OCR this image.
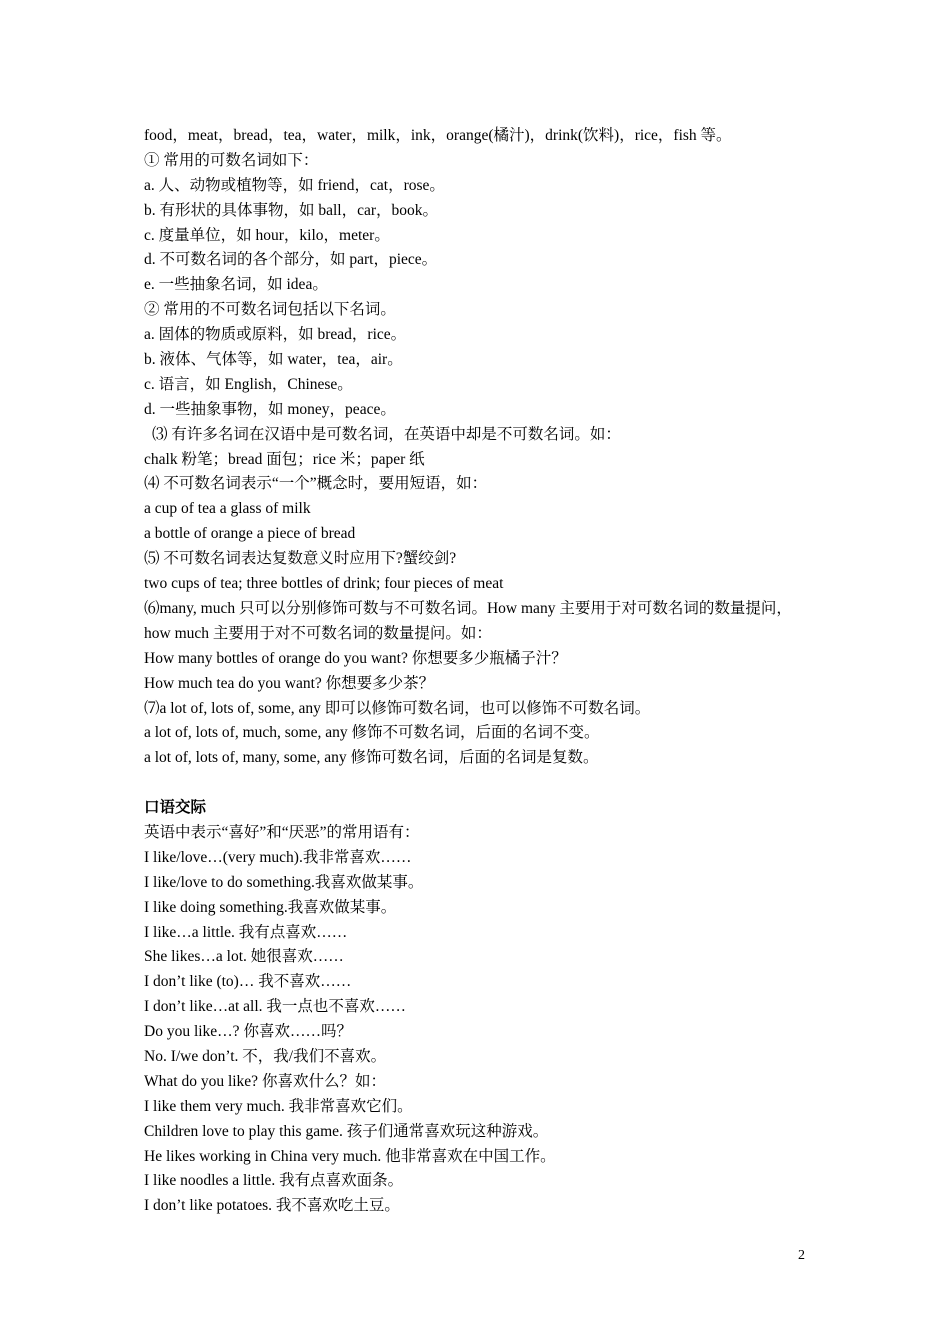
food，meat，bread，tea，water，milk，ink，orange(橘汁)，drink(饮料)，rice，fish 等。
① 常用的可数名词如下：
a. 人、动物或植物等，如 friend，cat，rose。
b. 有形状的具体事物，如 ball，car，book。
c. 度量单位，如 hour，kilo，meter。
d. 不可数名词的各个部分，如 part，piece。
e. 一些抽象名词，如 idea。
② 常用的不可数名词包括以下名词。
a. 固体的物质或原料，如 bread，rice。
b. 液体、气体等，如 water，tea，air。
c. 语言，如 English，Chinese。
d. 一些抽象事物，如 money，peace。
⑶ 有许多名词在汉语中是可数名词，在英语中却是不可数名词。如：
chalk 粉笔；bread 面包；rice 米；paper 纸
⑷ 不可数名词表示“一个”概念时，要用短语，如：
a cup of tea a glass of milk
a bottle of orange a piece of bread
⑸ 不可数名词表达复数意义时应用下?蟹绞剑?
two cups of tea; three bottles of drink; four pieces of meat
⑹many, much 只可以分别修饰可数与不可数名词。How many 主要用于对可数名词的数量提问，how much 主要用于对不可数名词的数量提问。如：
How many bottles of orange do you want? 你想要多少瓶橘子汁？
How much tea do you want? 你想要多少茶？
⑺a lot of, lots of, some, any 即可以修饰可数名词，也可以修饰不可数名词。
a lot of, lots of, much, some, any 修饰不可数名词，后面的名词不变。
a lot of, lots of, many, some, any 修饰可数名词，后面的名词是复数。
口语交际
英语中表示“喜好”和“厌恶”的常用语有：
I like/love…(very much).我非常喜欢……
I like/love to do something.我喜欢做某事。
I like doing something.我喜欢做某事。
I like…a little. 我有点喜欢……
She likes…a lot. 她很喜欢……
I don’t like (to)… 我不喜欢……
I don’t like…at all. 我一点也不喜欢……
Do you like…? 你喜欢……吗？
No. I/we don’t. 不，我/我们不喜欢。
What do you like? 你喜欢什么？如：
I like them very much. 我非常喜欢它们。
Children love to play this game. 孩子们通常喜欢玩这种游戏。
He likes working in China very much. 他非常喜欢在中国工作。
I like noodles a little. 我有点喜欢面条。
I don’t like potatoes. 我不喜欢吃土豆。
2
